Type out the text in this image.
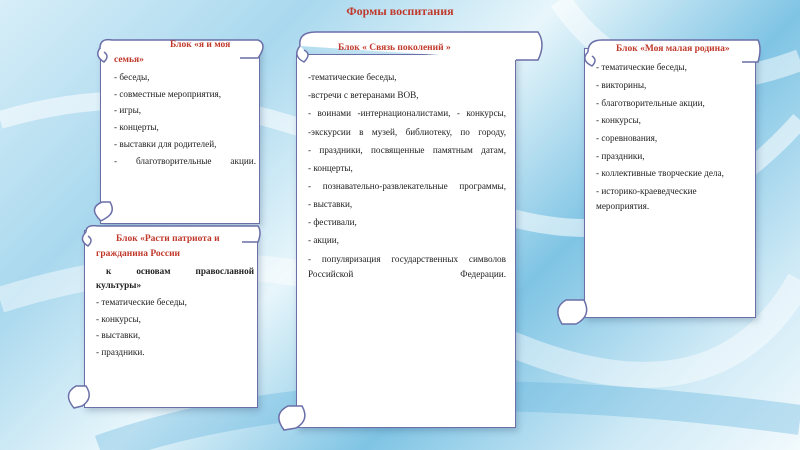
Формы воспитания

Блок «я и моя семья»

- беседы,

- совместные мероприятия,

- игры,

- концерты,

- выставки для родителей,

- благотворительные акции.

Блок «Расти патриота и гражданина России

к основам православной культуры»

- тематические беседы,

- конкурсы,

- выставки,

- праздники.

Блок « Связь поколений »

-тематические беседы,

-встречи с ветеранами ВОВ,

- воинами -интернационалистами, - конкурсы,

-экскурсии в музей, библиотеку, по городу,

- праздники, посвященные памятным датам,

- концерты,

- познавательно-развлекательные программы,

- выставки,

- фестивали,

- акции,

- популяризация государственных символов Российской Федерации.

Блок «Моя малая родина»

- тематические беседы,

- викторины,

- благотворительные акции,

- конкурсы,

- соревнования,

- праздники,

- коллективные творческие дела,

- историко-краеведческие мероприятия.
